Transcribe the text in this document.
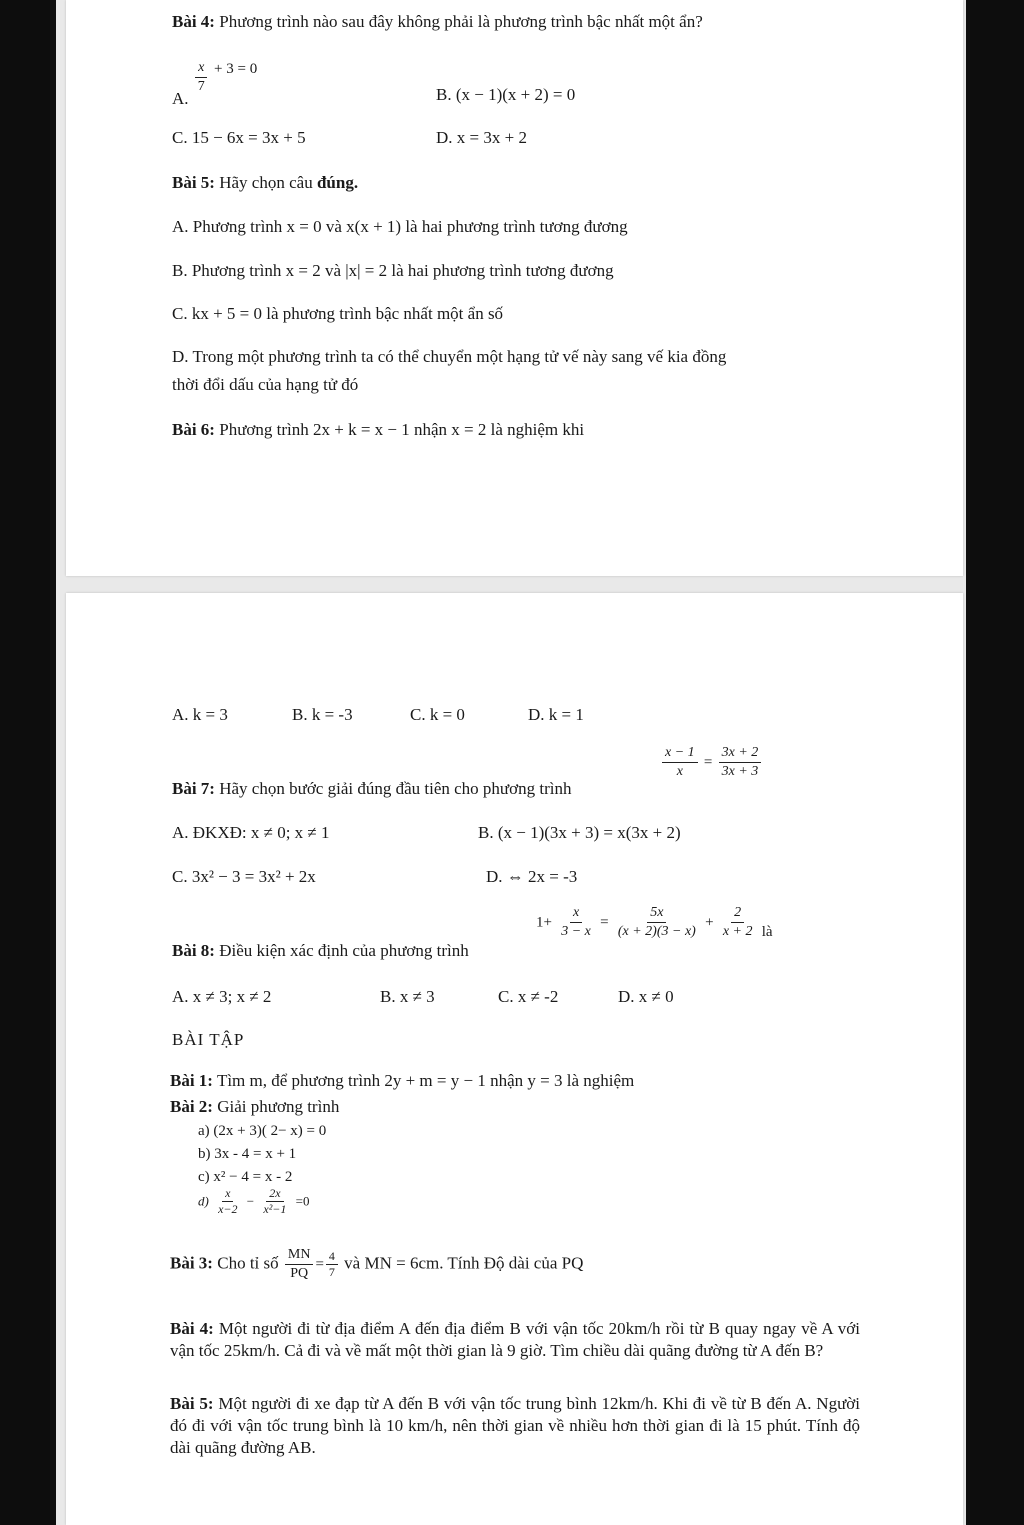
Bài 4: Phương trình nào sau đây không phải là phương trình bậc nhất một ẩn?
A.
$\frac{x}{7} + 3 = 0$
B. (x − 1)(x + 2) = 0
C. 15 − 6x = 3x + 5	D. x = 3x + 2
Bài 5: Hãy chọn câu đúng.
A. Phương trình x = 0 và x(x + 1) là hai phương trình tương đương
B. Phương trình x = 2 và |x| = 2 là hai phương trình tương đương
C. kx + 5 = 0 là phương trình bậc nhất một ẩn số
D. Trong một phương trình ta có thể chuyển một hạng tử vế này sang vế kia đồng
thời đổi dấu của hạng tử đó
Bài 6: Phương trình 2x + k = x − 1 nhận x = 2 là nghiệm khi
A. k = 3	B. k = -3	C. k = 0	D. k = 1
Bài 7: Hãy chọn bước giải đúng đầu tiên cho phương trình
$\frac{x - 1}{x} = \frac{3x + 2}{3x + 3}$
A. ĐKXĐ: x ≠ 0; x ≠ 1	B. (x − 1)(3x + 3) = x(3x + 2)
C. 3x² − 3 = 3x² + 2x	D. ⇔ 2x = -3
Bài 8: Điều kiện xác định của phương trình
$1+ \frac{x}{3 - x} = \frac{5x}{(x + 2)(3 - x)} + \frac{2}{x + 2}$ là
A. x ≠ 3; x ≠ 2	B. x ≠ 3	C. x ≠ -2	D. x ≠ 0
BÀI TẬP
Bài 1: Tìm m, để phương trình 2y + m = y − 1 nhận y = 3 là nghiệm
Bài 2: Giải phương trình
a) (2x + 3)( 2− x) = 0
b) 3x - 4 = x + 1
c) x² − 4 = x - 2
$d) \frac{x}{x-2} - \frac{2x}{\text{x²−1}} =0$
Bài 3: Cho tỉ số $\frac{MN}{PQ} = \frac{4}{7}$ và MN = 6cm. Tính Độ dài của PQ
Bài 4: Một người đi từ địa điểm A đến địa điểm B với vận tốc 20km/h rồi từ B quay ngay về A với vận tốc 25km/h. Cả đi và về mất một thời gian là 9 giờ. Tìm chiều dài quãng đường từ A đến B?
Bài 5: Một người đi xe đạp từ A đến B với vận tốc trung bình 12km/h. Khi đi về từ B đến A. Người đó đi với vận tốc trung bình là 10 km/h, nên thời gian về nhiều hơn thời gian đi là 15 phút. Tính độ dài quãng đường AB.
